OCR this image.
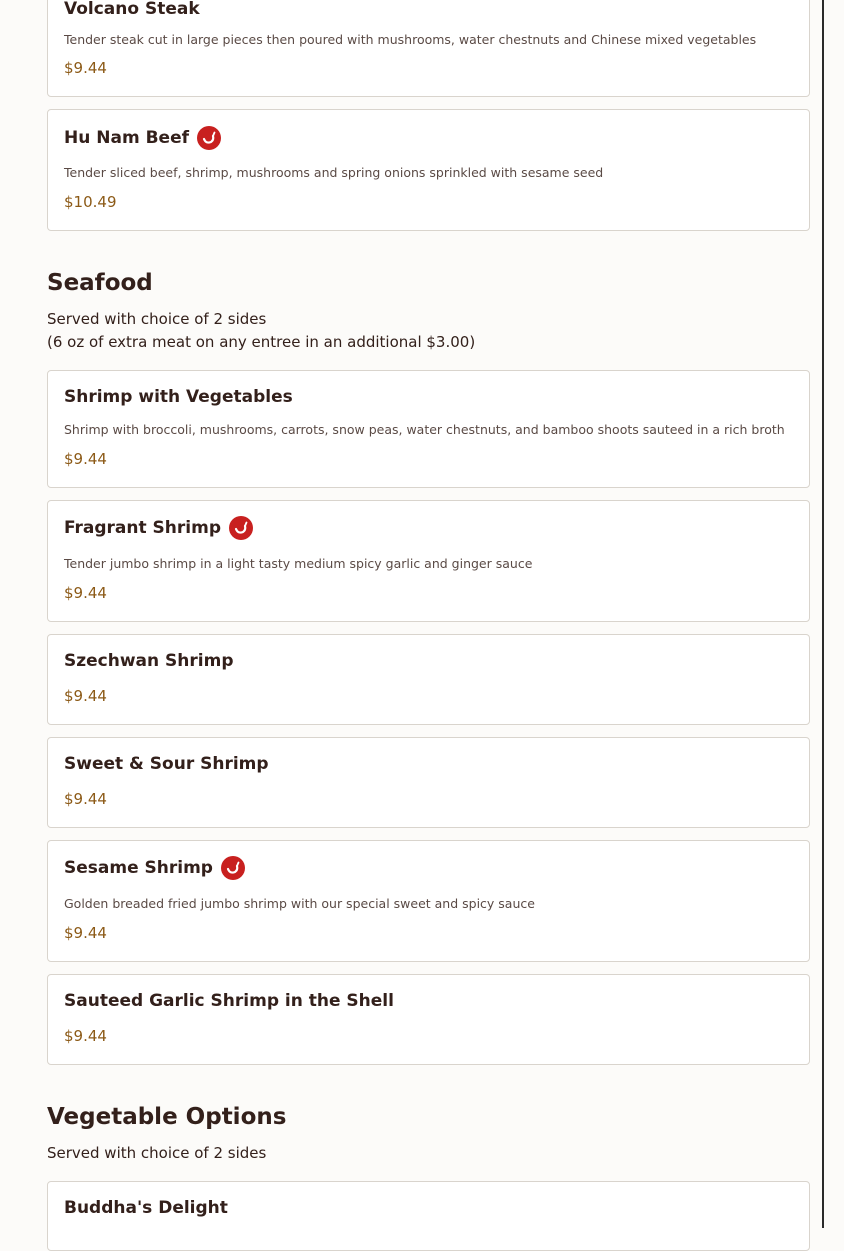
Volcano Steak
Tender steak cut in large pieces then poured with mushrooms, water chestnuts and Chinese mixed vegetables
$9.44
Hu Nam Beef
Tender sliced beef, shrimp, mushrooms and spring onions sprinkled with sesame seed
$10.49
Seafood
Served with choice of 2 sides
(6 oz of extra meat on any entree in an additional $3.00)
Shrimp with Vegetables
Shrimp with broccoli, mushrooms, carrots, snow peas, water chestnuts, and bamboo shoots sauteed in a rich broth
$9.44
Fragrant Shrimp
Tender jumbo shrimp in a light tasty medium spicy garlic and ginger sauce
$9.44
Szechwan Shrimp
$9.44
Sweet & Sour Shrimp
$9.44
Sesame Shrimp
Golden breaded fried jumbo shrimp with our special sweet and spicy sauce
$9.44
Sauteed Garlic Shrimp in the Shell
$9.44
Vegetable Options
Served with choice of 2 sides
Buddha's Delight
